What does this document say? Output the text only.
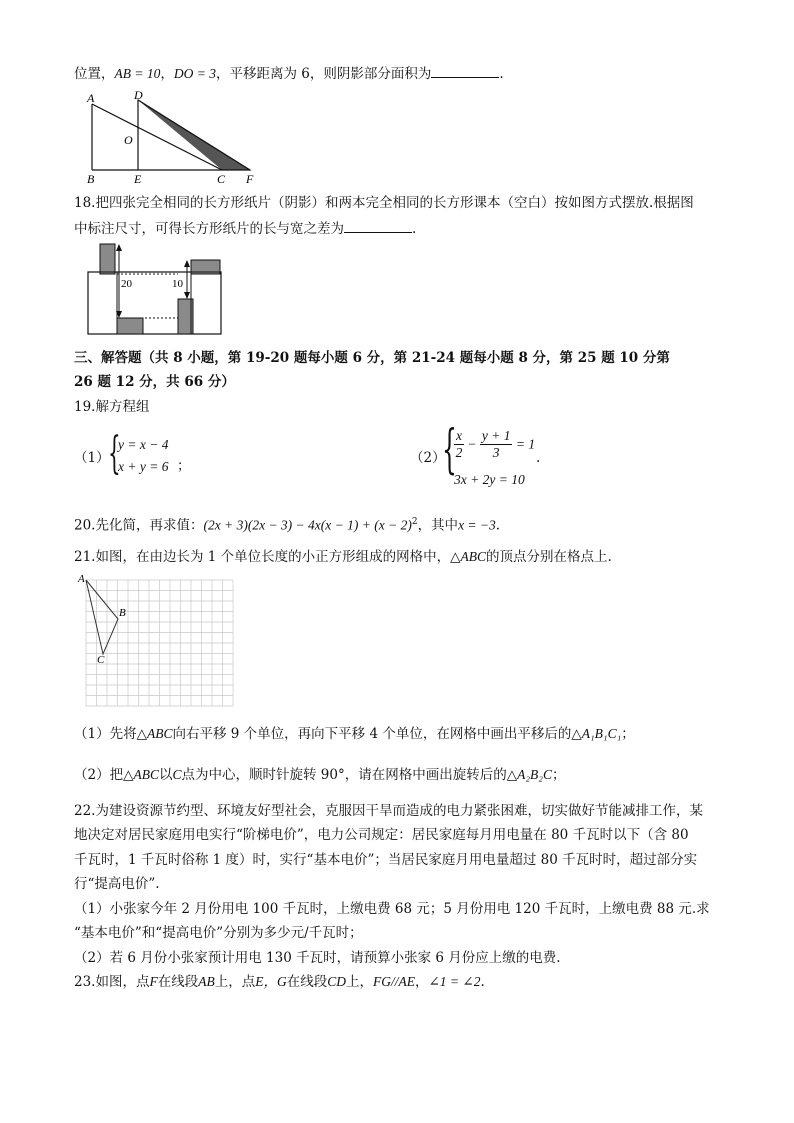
位置，AB = 10，DO = 3，平移距离为 6，则阴影部分面积为	.
A	D
O
B	E	C F
18.把四张完全相同的长方形纸片（阴影）和两本完全相同的长方形课本（空白）按如图方式摆放.根据图
中标注尺寸，可得长方形纸片的长与宽之差为	.
20	10
三、解答题（共 8 小题，第 19-20 题每小题 6 分，第 21-24 题每小题 8 分，第 25 题 10 分第
26 题 12 分，共 66 分）
19.解方程组
（1）
{
y = x − 4
x + y = 6 ；	（2）
{
$\frac{x}{2} - \frac{y + 1}{3} = 1$
3x + 2y = 10
.
20.先化简，再求值：$(2x + 3)(2x - 3) - 4x(x - 1) + (x - 2)^2$，其中x = −3.
21.如图，在由边长为 1 个单位长度的小正方形组成的网格中，△ABC的顶点分别在格点上.
A
B
C
（1）先将△ABC向右平移 9 个单位，再向下平移 4 个单位，在网格中画出平移后的△A₁B₁C₁；
（2）把△ABC以C点为中心，顺时针旋转 90°，请在网格中画出旋转后的△A₂B₂C；
22.为建设资源节约型、环境友好型社会，克服因干旱而造成的电力紧张困难，切实做好节能减排工作，某
地决定对居民家庭用电实行“阶梯电价”，电力公司规定：居民家庭每月用电量在 80 千瓦时以下（含 80
千瓦时，1 千瓦时俗称 1 度）时，实行“基本电价”；当居民家庭月用电量超过 80 千瓦时时，超过部分实
行“提高电价”.
（1）小张家今年 2 月份用电 100 千瓦时，上缴电费 68 元；5 月份用电 120 千瓦时，上缴电费 88 元.求
“基本电价”和“提高电价”分别为多少元/千瓦时；
（2）若 6 月份小张家预计用电 130 千瓦时，请预算小张家 6 月份应上缴的电费.
23.如图，点F在线段AB上，点E，G在线段CD上，FG//AE，∠1 = ∠2.
